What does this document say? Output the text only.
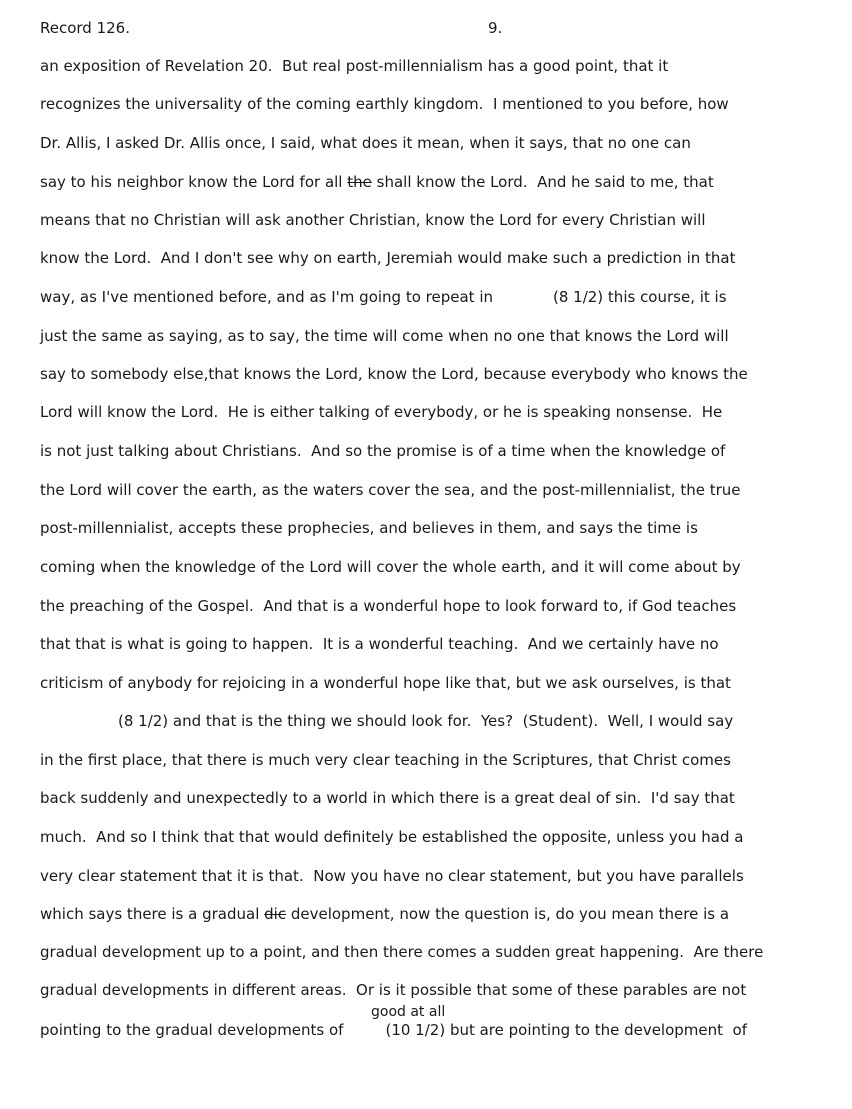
Record 126.	9.
an exposition of Revelation 20.  But real post-millennialism has a good point, that it
recognizes the universality of the coming earthly kingdom.  I mentioned to you before, how
Dr. Allis, I asked Dr. Allis once, I said, what does it mean, when it says, that no one can
say to his neighbor know the Lord for all the shall know the Lord.  And he said to me, that
means that no Christian will ask another Christian, know the Lord for every Christian will
know the Lord.  And I don't see why on earth, Jeremiah would make such a prediction in that
way, as I've mentioned before, and as I'm going to repeat in	(8 1/2) this course, it is
just the same as saying, as to say, the time will come when no one that knows the Lord will
say to somebody else,that knows the Lord, know the Lord, because everybody who knows the
Lord will know the Lord.  He is either talking of everybody, or he is speaking nonsense.  He
is not just talking about Christians.  And so the promise is of a time when the knowledge of
the Lord will cover the earth, as the waters cover the sea, and the post-millennialist, the true
post-millennialist, accepts these prophecies, and believes in them, and says the time is
coming when the knowledge of the Lord will cover the whole earth, and it will come about by
the preaching of the Gospel.  And that is a wonderful hope to look forward to, if God teaches
that that is what is going to happen.  It is a wonderful teaching.  And we certainly have no
criticism of anybody for rejoicing in a wonderful hope like that, but we ask ourselves, is that
(8 1/2) and that is the thing we should look for.  Yes?  (Student).  Well, I would say
in the first place, that there is much very clear teaching in the Scriptures, that Christ comes
back suddenly and unexpectedly to a world in which there is a great deal of sin.  I'd say that
much.  And so I think that that would definitely be established the opposite, unless you had a
very clear statement that it is that.  Now you have no clear statement, but you have parallels
which says there is a gradual dic development, now the question is, do you mean there is a
gradual development up to a point, and then there comes a sudden great happening.  Are there
gradual developments in different areas.  Or is it possible that some of these parables are not
good at all
pointing to the gradual developments of	(10 1/2) but are pointing to the development  of
